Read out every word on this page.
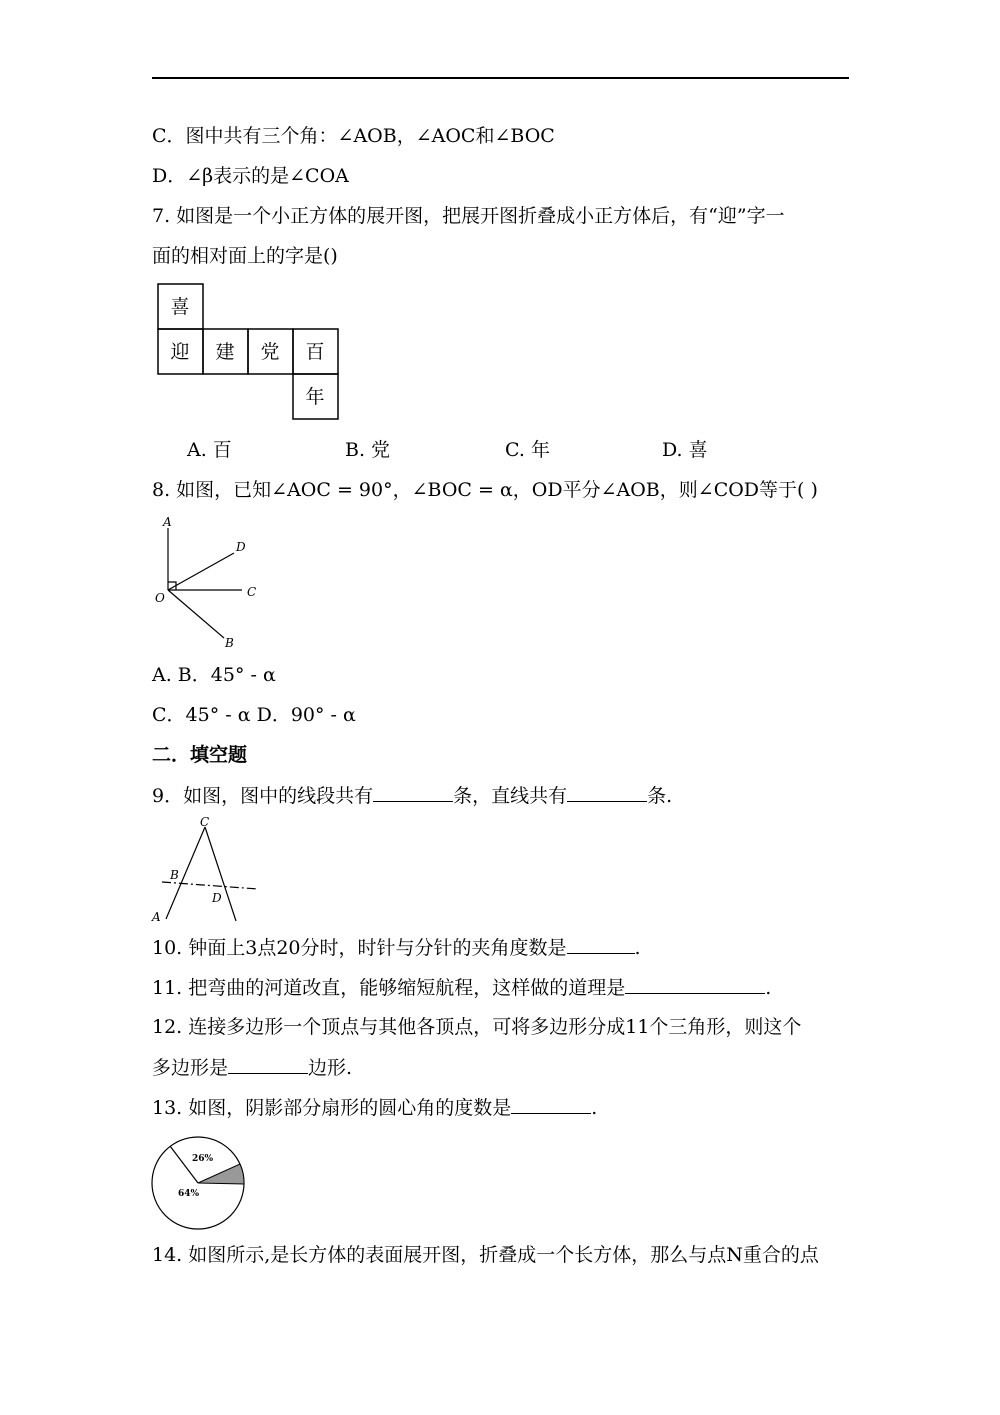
C．图中共有三个角：∠AOB，∠AOC和∠BOC
D．∠β表示的是∠COA
7. 如图是一个小正方体的展开图，把展开图折叠成小正方体后，有“迎”字一
面的相对面上的字是()
喜
迎 建 党 百
年
A. 百	B. 党	C. 年	D. 喜
8. 如图，已知∠AOC = 90°，∠BOC = α，OD平分∠AOB，则∠COD等于( )
A
D
O	C
B
A. B．45° - α
C．45° - α D．90° - α
二．填空题
9．如图，图中的线段共有	条，直线共有	条.
C
B
D
A
10. 钟面上3点20分时，时针与分针的夹角度数是	.
11. 把弯曲的河道改直，能够缩短航程，这样做的道理是	.
12. 连接多边形一个顶点与其他各顶点，可将多边形分成11个三角形，则这个
多边形是	边形.
13. 如图，阴影部分扇形的圆心角的度数是	.
26%
64%
14. 如图所示,是长方体的表面展开图，折叠成一个长方体，那么与点N重合的点
